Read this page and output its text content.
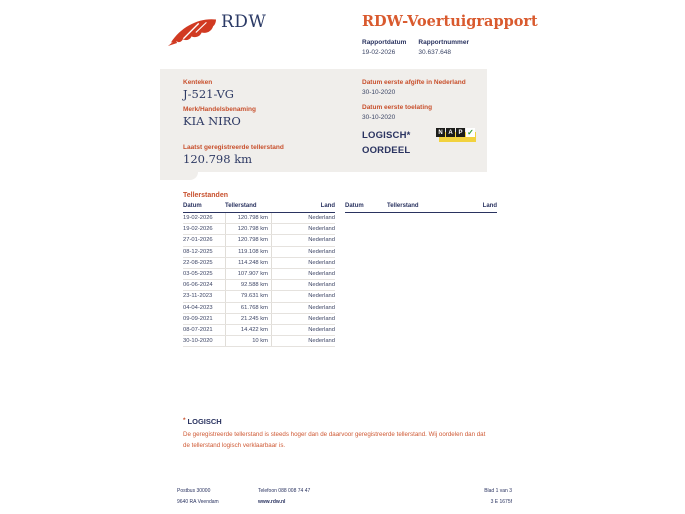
RDW	RDW-Voertuigrapport
Rapportdatum
19-02-2026
Rapportnummer
30.637.648
Kenteken
J-521-VG
Merk/Handelsbenaming
KIA NIRO
Laatst geregistreerde tellerstand
120.798 km
Datum eerste afgifte in Nederland
30-10-2020
Datum eerste toelating
30-10-2020
LOGISCH*
OORDEEL
N A P ✓
Tellerstanden
Datum	Tellerstand	Land
19-02-2026	120.798 km	Nederland
19-02-2026	120.798 km	Nederland
27-01-2026	120.798 km	Nederland
08-12-2025	119.108 km	Nederland
22-08-2025	114.248 km	Nederland
03-05-2025	107.907 km	Nederland
06-06-2024	92.588 km	Nederland
23-11-2023	79.631 km	Nederland
04-04-2023	61.768 km	Nederland
09-09-2021	21.245 km	Nederland
08-07-2021	14.422 km	Nederland
30-10-2020	10 km	Nederland
Datum	Tellerstand	Land
* LOGISCH
De geregistreerde tellerstand is steeds hoger dan de daarvoor geregistreerde tellerstand. Wij oordelen dan dat de tellerstand logisch verklaarbaar is.
Postbus 30000
9640 RA Veendam
Telefoon 088 008 74 47
www.rdw.nl
Blad 1 van 3
3 E 1675f
